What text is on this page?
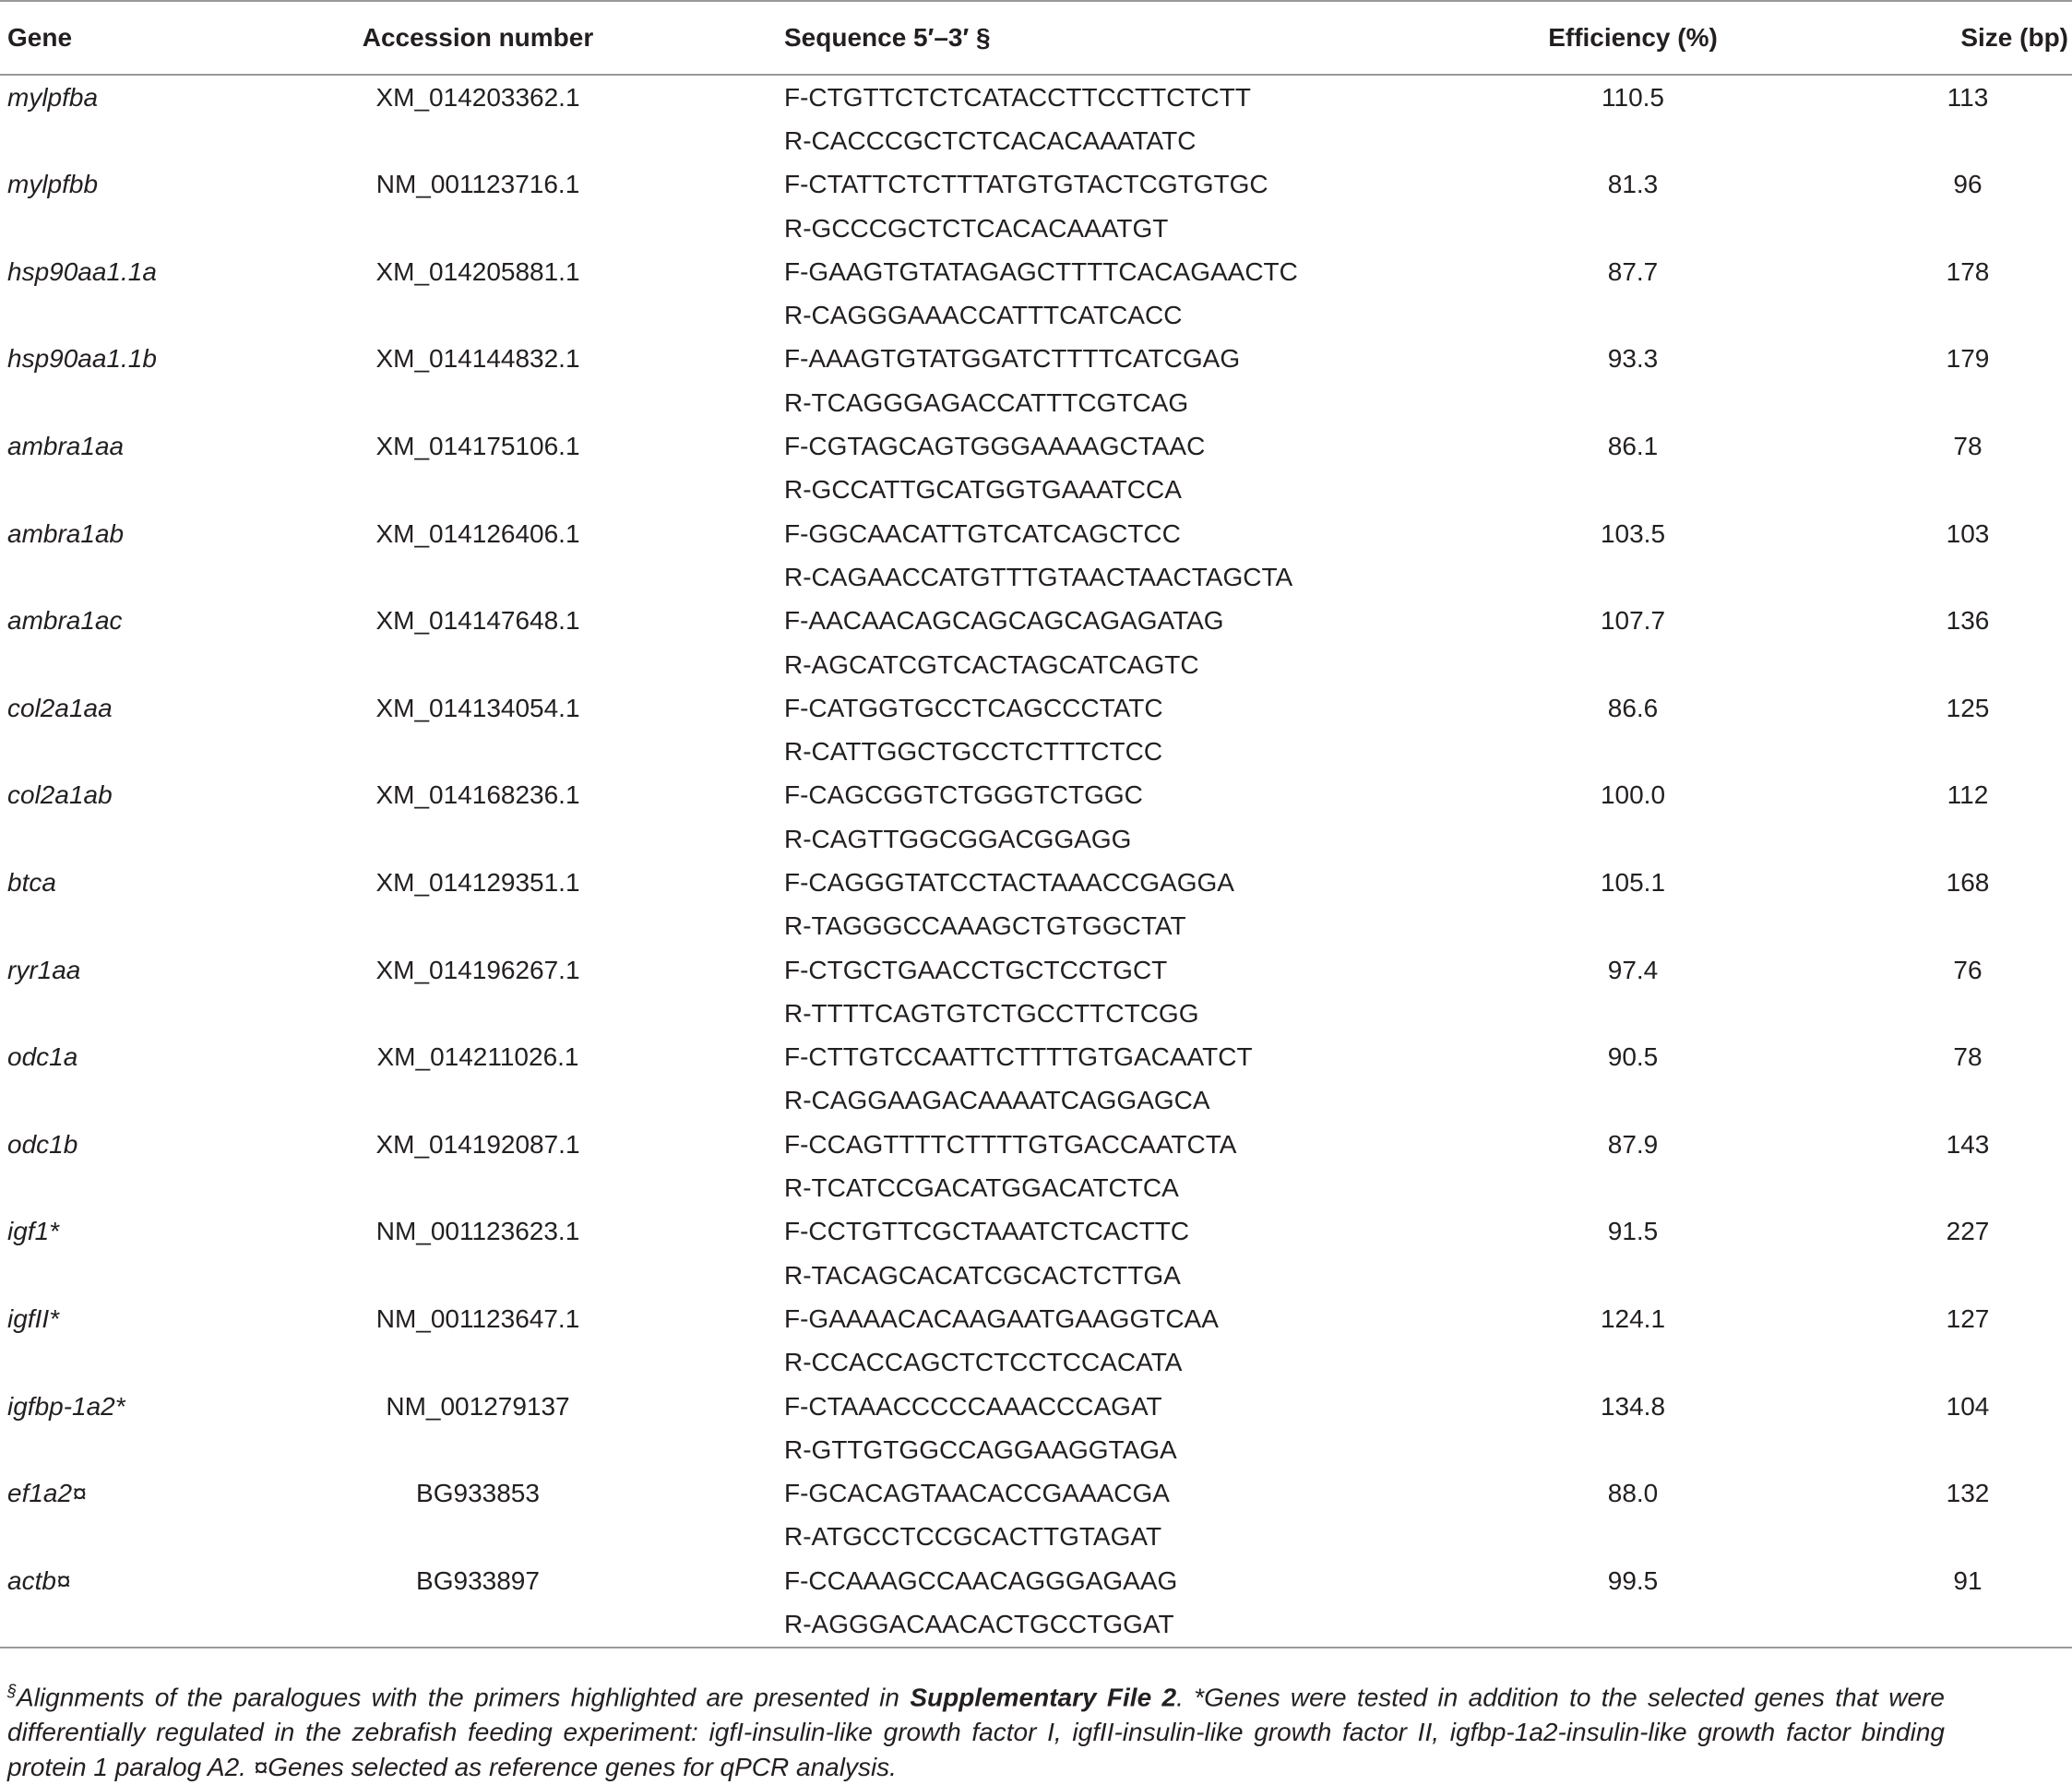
Gene	Accession number	Sequence 5′–3′ §	Efficiency (%)	Size (bp)
mylpfba	XM_014203362.1	F-CTGTTCTCTCATACCTTCCTTCTCTT	110.5	113
		R-CACCCGCTCTCACACAAATATC		
mylpfbb	NM_001123716.1	F-CTATTCTCTTTATGTGTACTCGTGTGC	81.3	96
		R-GCCCGCTCTCACACAAATGT		
hsp90aa1.1a	XM_014205881.1	F-GAAGTGTATAGAGCTTTTCACAGAACTC	87.7	178
		R-CAGGGAAACCATTTCATCACC		
hsp90aa1.1b	XM_014144832.1	F-AAAGTGTATGGATCTTTTCATCGAG	93.3	179
		R-TCAGGGAGACCATTTCGTCAG		
ambra1aa	XM_014175106.1	F-CGTAGCAGTGGGAAAAGCTAAC	86.1	78
		R-GCCATTGCATGGTGAAATCCA		
ambra1ab	XM_014126406.1	F-GGCAACATTGTCATCAGCTCC	103.5	103
		R-CAGAACCATGTTTGTAACTAACTAGCTA		
ambra1ac	XM_014147648.1	F-AACAACAGCAGCAGCAGAGATAG	107.7	136
		R-AGCATCGTCACTAGCATCAGTC		
col2a1aa	XM_014134054.1	F-CATGGTGCCTCAGCCCTATC	86.6	125
		R-CATTGGCTGCCTCTTTCTCC		
col2a1ab	XM_014168236.1	F-CAGCGGTCTGGGTCTGGC	100.0	112
		R-CAGTTGGCGGACGGAGG		
btca	XM_014129351.1	F-CAGGGTATCCTACTAAACCGAGGA	105.1	168
		R-TAGGGCCAAAGCTGTGGCTAT		
ryr1aa	XM_014196267.1	F-CTGCTGAACCTGCTCCTGCT	97.4	76
		R-TTTTCAGTGTCTGCCTTCTCGG		
odc1a	XM_014211026.1	F-CTTGTCCAATTCTTTTGTGACAATCT	90.5	78
		R-CAGGAAGACAAAATCAGGAGCA		
odc1b	XM_014192087.1	F-CCAGTTTTCTTTTGTGACCAATCTA	87.9	143
		R-TCATCCGACATGGACATCTCA		
igf1*	NM_001123623.1	F-CCTGTTCGCTAAATCTCACTTC	91.5	227
		R-TACAGCACATCGCACTCTTGA		
igfII*	NM_001123647.1	F-GAAAACACAAGAATGAAGGTCAA	124.1	127
		R-CCACCAGCTCTCCTCCACATA		
igfbp-1a2*	NM_001279137	F-CTAAACCCCCAAACCCAGAT	134.8	104
		R-GTTGTGGCCAGGAAGGTAGA		
ef1a2¤	BG933853	F-GCACAGTAACACCGAAACGA	88.0	132
		R-ATGCCTCCGCACTTGTAGAT		
actb¤	BG933897	F-CCAAAGCCAACAGGGAGAAG	99.5	91
		R-AGGGACAACACTGCCTGGAT		
§Alignments of the paralogues with the primers highlighted are presented in Supplementary File 2. *Genes were tested in addition to the selected genes that were differentially regulated in the zebrafish feeding experiment: igfI-insulin-like growth factor I, igfII-insulin-like growth factor II, igfbp-1a2-insulin-like growth factor binding protein 1 paralog A2. ¤Genes selected as reference genes for qPCR analysis.
